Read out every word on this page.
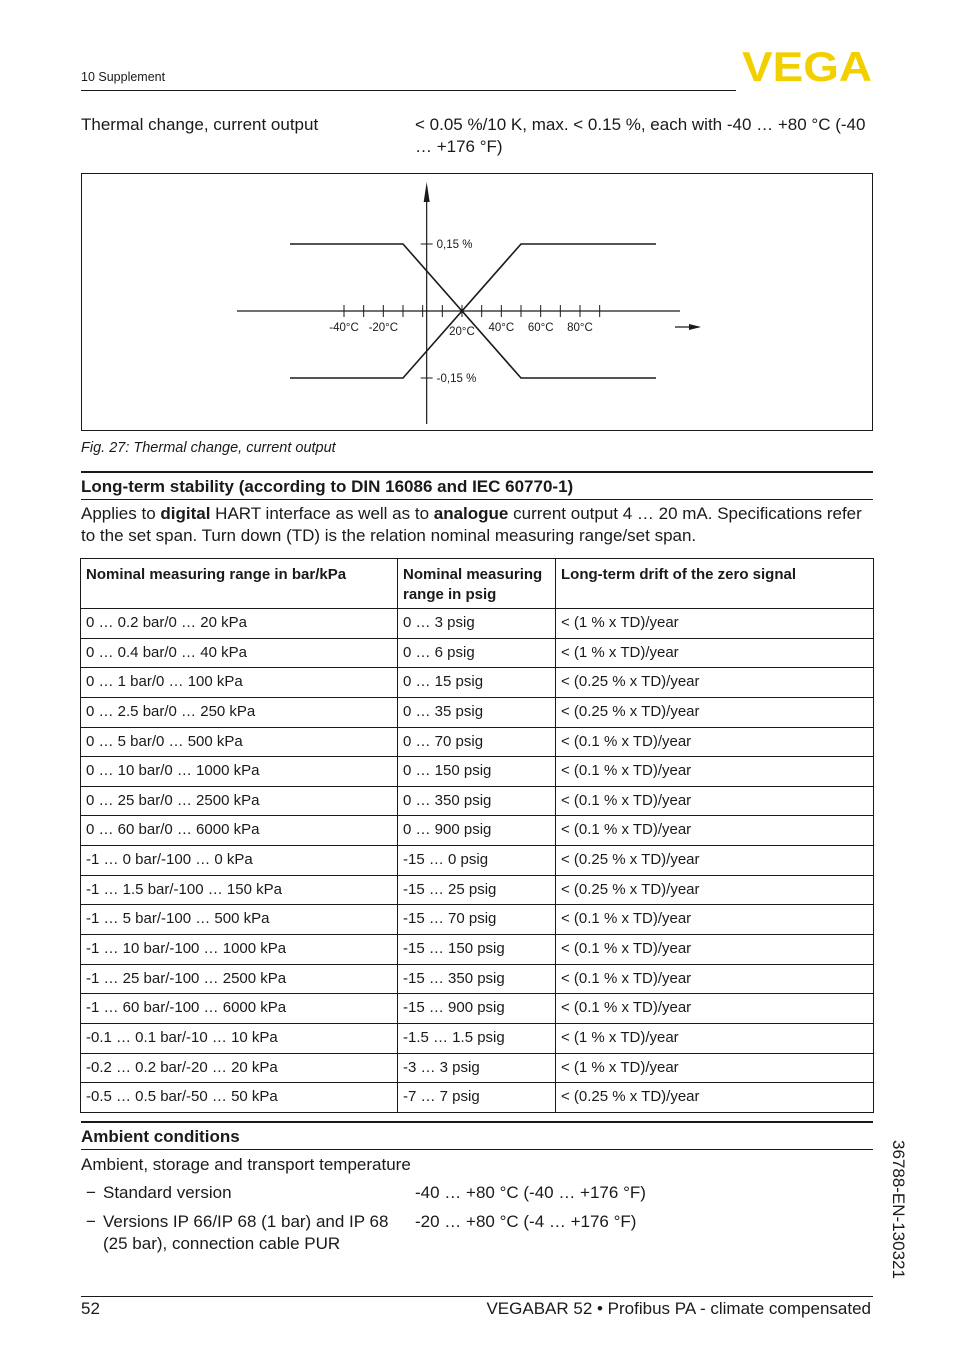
10 Supplement	VEGA
Thermal change, current output	< 0.05 %/10 K, max. < 0.15 %, each with -40 … +80 °C (-40 … +176 °F)
-40°C -20°C	20°C 40°C 60°C 80°C
0,15 %
-0,15 %
Fig. 27: Thermal change, current output
Long-term stability (according to DIN 16086 and IEC 60770-1)
Applies to digital HART interface as well as to analogue current output 4 … 20 mA. Specifications refer to the set span. Turn down (TD) is the relation nominal measuring range/set span.
Nominal measuring range in bar/kPa	Nominal measuring range in psig	Long-term drift of the zero signal
0 … 0.2 bar/0 … 20 kPa	0 … 3 psig	< (1 % x TD)/year
0 … 0.4 bar/0 … 40 kPa	0 … 6 psig	< (1 % x TD)/year
0 … 1 bar/0 … 100 kPa	0 … 15 psig	< (0.25 % x TD)/year
0 … 2.5 bar/0 … 250 kPa	0 … 35 psig	< (0.25 % x TD)/year
0 … 5 bar/0 … 500 kPa	0 … 70 psig	< (0.1 % x TD)/year
0 … 10 bar/0 … 1000 kPa	0 … 150 psig	< (0.1 % x TD)/year
0 … 25 bar/0 … 2500 kPa	0 … 350 psig	< (0.1 % x TD)/year
0 … 60 bar/0 … 6000 kPa	0 … 900 psig	< (0.1 % x TD)/year
-1 … 0 bar/-100 … 0 kPa	-15 … 0 psig	< (0.25 % x TD)/year
-1 … 1.5 bar/-100 … 150 kPa	-15 … 25 psig	< (0.25 % x TD)/year
-1 … 5 bar/-100 … 500 kPa	-15 … 70 psig	< (0.1 % x TD)/year
-1 … 10 bar/-100 … 1000 kPa	-15 … 150 psig	< (0.1 % x TD)/year
-1 … 25 bar/-100 … 2500 kPa	-15 … 350 psig	< (0.1 % x TD)/year
-1 … 60 bar/-100 … 6000 kPa	-15 … 900 psig	< (0.1 % x TD)/year
-0.1 … 0.1 bar/-10 … 10 kPa	-1.5 … 1.5 psig	< (1 % x TD)/year
-0.2 … 0.2 bar/-20 … 20 kPa	-3 … 3 psig	< (1 % x TD)/year
-0.5 … 0.5 bar/-50 … 50 kPa	-7 … 7 psig	< (0.25 % x TD)/year
Ambient conditions
Ambient, storage and transport temperature
− Standard version	-40 … +80 °C (-40 … +176 °F)
− Versions IP 66/IP 68 (1 bar) and IP 68
(25 bar), connection cable PUR
-20 … +80 °C (-4 … +176 °F)	36788-EN-130321
52	VEGABAR 52 • Profibus PA - climate compensated
